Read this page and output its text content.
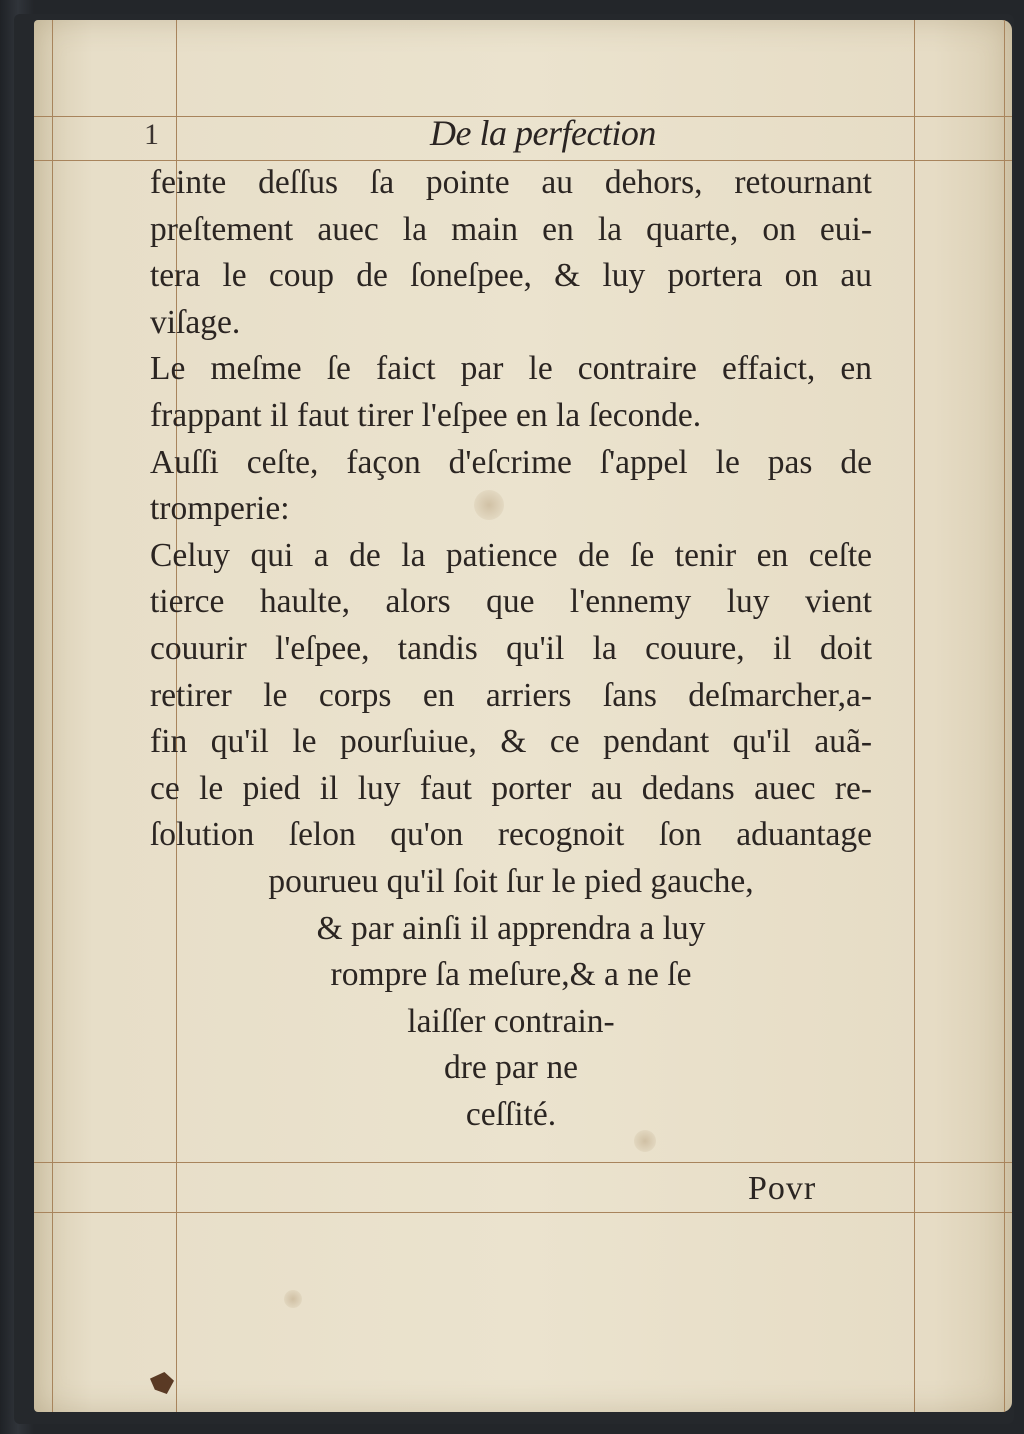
1	De la perfection
feinte deſſus ſa pointe au dehors, retournant
preſtement auec la main en la quarte, on eui-
tera le coup de ſoneſpee, & luy portera on au
viſage.
Le meſme ſe faict par le contraire effaict, en
frappant il faut tirer l'eſpee en la ſeconde.
Auſſi ceſte, façon d'eſcrime ſ'appel le pas de
tromperie:
Celuy qui a de la patience de ſe tenir en ceſte
tierce haulte, alors que l'ennemy luy vient
couurir l'eſpee, tandis qu'il la couure, il doit
retirer le corps en arriers ſans deſmarcher,a-
fin qu'il le pourſuiue, & ce pendant qu'il auã-
ce le pied il luy faut porter au dedans auec re-
ſolution ſelon qu'on recognoit ſon aduantage
pourueu qu'il ſoit ſur le pied gauche,
& par ainſi il apprendra a luy
rompre ſa meſure,& a ne ſe
laiſſer contrain-
dre par ne
ceſſité.
Povr
